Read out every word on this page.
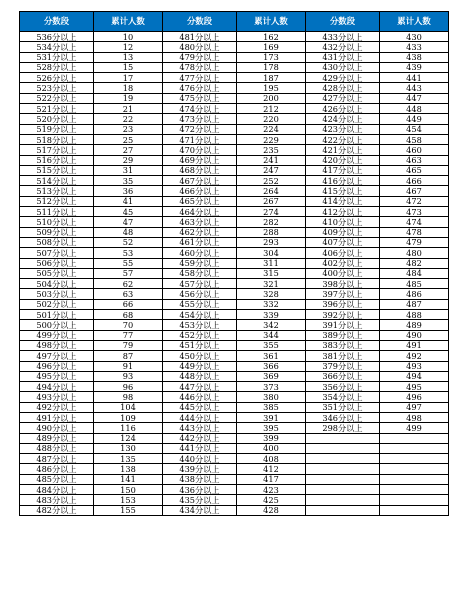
分数段	累计人数	分数段	累计人数	分数段	累计人数
536分以上	10	481分以上	162	433分以上	430
534分以上	12	480分以上	169	432分以上	433
531分以上	13	479分以上	173	431分以上	438
528分以上	15	478分以上	178	430分以上	439
526分以上	17	477分以上	187	429分以上	441
523分以上	18	476分以上	195	428分以上	443
522分以上	19	475分以上	200	427分以上	447
521分以上	21	474分以上	212	426分以上	448
520分以上	22	473分以上	220	424分以上	449
519分以上	23	472分以上	224	423分以上	454
518分以上	25	471分以上	229	422分以上	458
517分以上	27	470分以上	235	421分以上	460
516分以上	29	469分以上	241	420分以上	463
515分以上	31	468分以上	247	417分以上	465
514分以上	35	467分以上	252	416分以上	466
513分以上	36	466分以上	264	415分以上	467
512分以上	41	465分以上	267	414分以上	472
511分以上	45	464分以上	274	412分以上	473
510分以上	47	463分以上	282	410分以上	474
509分以上	48	462分以上	288	409分以上	478
508分以上	52	461分以上	293	407分以上	479
507分以上	53	460分以上	304	406分以上	480
506分以上	55	459分以上	311	402分以上	482
505分以上	57	458分以上	315	400分以上	484
504分以上	62	457分以上	321	398分以上	485
503分以上	63	456分以上	328	397分以上	486
502分以上	66	455分以上	332	396分以上	487
501分以上	68	454分以上	339	392分以上	488
500分以上	70	453分以上	342	391分以上	489
499分以上	77	452分以上	344	389分以上	490
498分以上	79	451分以上	355	383分以上	491
497分以上	87	450分以上	361	381分以上	492
496分以上	91	449分以上	366	379分以上	493
495分以上	93	448分以上	369	366分以上	494
494分以上	96	447分以上	373	356分以上	495
493分以上	98	446分以上	380	354分以上	496
492分以上	104	445分以上	385	351分以上	497
491分以上	109	444分以上	391	346分以上	498
490分以上	116	443分以上	395	298分以上	499
489分以上	124	442分以上	399		
488分以上	130	441分以上	400		
487分以上	135	440分以上	408		
486分以上	138	439分以上	412		
485分以上	141	438分以上	417		
484分以上	150	436分以上	423		
483分以上	153	435分以上	425		
482分以上	155	434分以上	428		
